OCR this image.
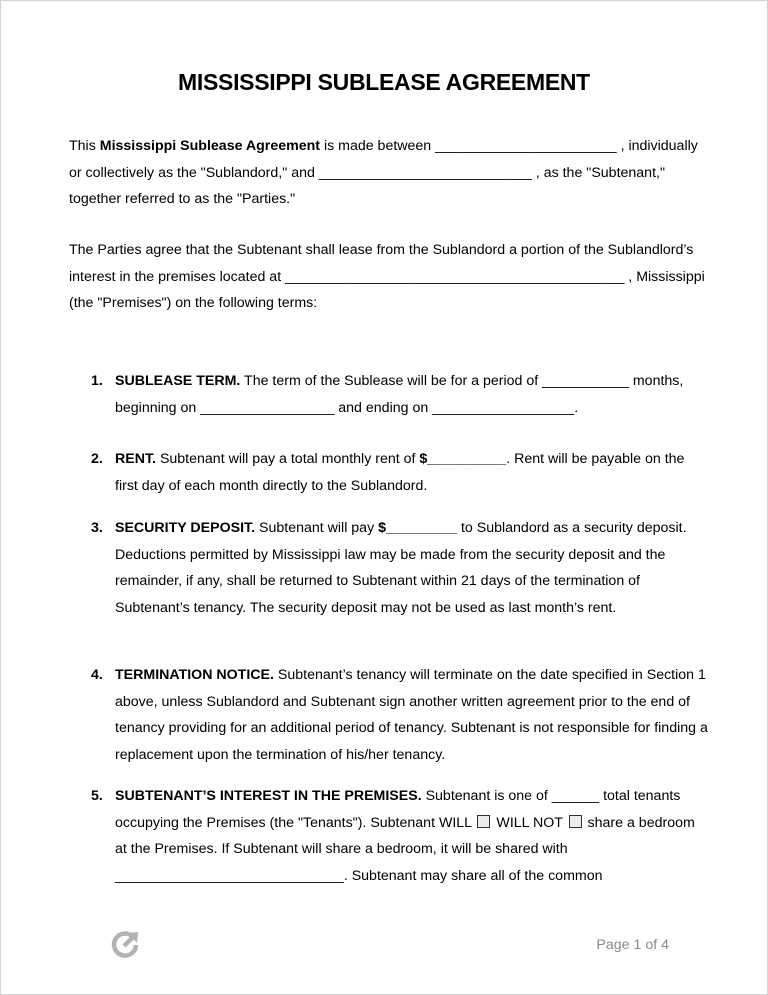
MISSISSIPPI SUBLEASE AGREEMENT

This Mississippi Sublease Agreement is made between _______________________ , individually or collectively as the "Sublandord," and ___________________________ , as the "Subtenant," together referred to as the "Parties."

The Parties agree that the Subtenant shall lease from the Sublandord a portion of the Sublandlord’s interest in the premises located at ___________________________________________ , Mississippi (the "Premises") on the following terms:

1. SUBLEASE TERM. The term of the Sublease will be for a period of ___________ months, beginning on _________________ and ending on __________________.
2. RENT. Subtenant will pay a total monthly rent of $__________. Rent will be payable on the first day of each month directly to the Sublandord.
3. SECURITY DEPOSIT. Subtenant will pay $_________ to Sublandord as a security deposit. Deductions permitted by Mississippi law may be made from the security deposit and the remainder, if any, shall be returned to Subtenant within 21 days of the termination of Subtenant’s tenancy. The security deposit may not be used as last month’s rent.
4. TERMINATION NOTICE. Subtenant’s tenancy will terminate on the date specified in Section 1 above, unless Sublandord and Subtenant sign another written agreement prior to the end of tenancy providing for an additional period of tenancy. Subtenant is not responsible for finding a replacement upon the termination of his/her tenancy.
5. SUBTENANT’S INTEREST IN THE PREMISES. Subtenant is one of ______ total tenants occupying the Premises (the "Tenants"). Subtenant WILL  WILL NOT  share a bedroom at the Premises. If Subtenant will share a bedroom, it will be shared with _____________________________. Subtenant may share all of the common
Page 1 of 4
